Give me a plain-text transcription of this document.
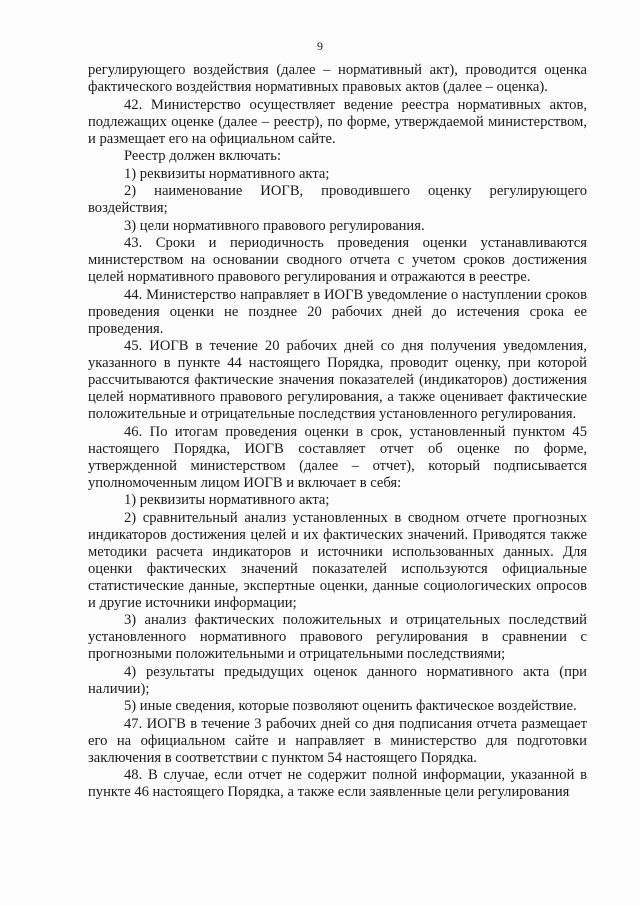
9

регулирующего воздействия (далее – нормативный акт), проводится оценка фактического воздействия нормативных правовых актов (далее – оценка).

42. Министерство осуществляет ведение реестра нормативных актов, подлежащих оценке (далее – реестр), по форме, утверждаемой министерством, и размещает его на официальном сайте.

Реестр должен включать:

1) реквизиты нормативного акта;

2) наименование ИОГВ, проводившего оценку регулирующего воздействия;

3) цели нормативного правового регулирования.

43. Сроки и периодичность проведения оценки устанавливаются министерством на основании сводного отчета с учетом сроков достижения целей нормативного правового регулирования и отражаются в реестре.

44. Министерство направляет в ИОГВ уведомление о наступлении сроков проведения оценки не позднее 20 рабочих дней до истечения срока ее проведения.

45. ИОГВ в течение 20 рабочих дней со дня получения уведомления, указанного в пункте 44 настоящего Порядка, проводит оценку, при которой рассчитываются фактические значения показателей (индикаторов) достижения целей нормативного правового регулирования, а также оценивает фактические положительные и отрицательные последствия установленного регулирования.

46. По итогам проведения оценки в срок, установленный пунктом 45 настоящего Порядка, ИОГВ составляет отчет об оценке по форме, утвержденной министерством (далее – отчет), который подписывается уполномоченным лицом ИОГВ и включает в себя:

1) реквизиты нормативного акта;

2) сравнительный анализ установленных в сводном отчете прогнозных индикаторов достижения целей и их фактических значений. Приводятся также методики расчета индикаторов и источники использованных данных. Для оценки фактических значений показателей используются официальные статистические данные, экспертные оценки, данные социологических опросов и другие источники информации;

3) анализ фактических положительных и отрицательных последствий установленного нормативного правового регулирования в сравнении с прогнозными положительными и отрицательными последствиями;

4) результаты предыдущих оценок данного нормативного акта (при наличии);

5) иные сведения, которые позволяют оценить фактическое воздействие.

47. ИОГВ в течение 3 рабочих дней со дня подписания отчета размещает его на официальном сайте и направляет в министерство для подготовки заключения в соответствии с пунктом 54 настоящего Порядка.

48. В случае, если отчет не содержит полной информации, указанной в пункте 46 настоящего Порядка, а также если заявленные цели регулирования
